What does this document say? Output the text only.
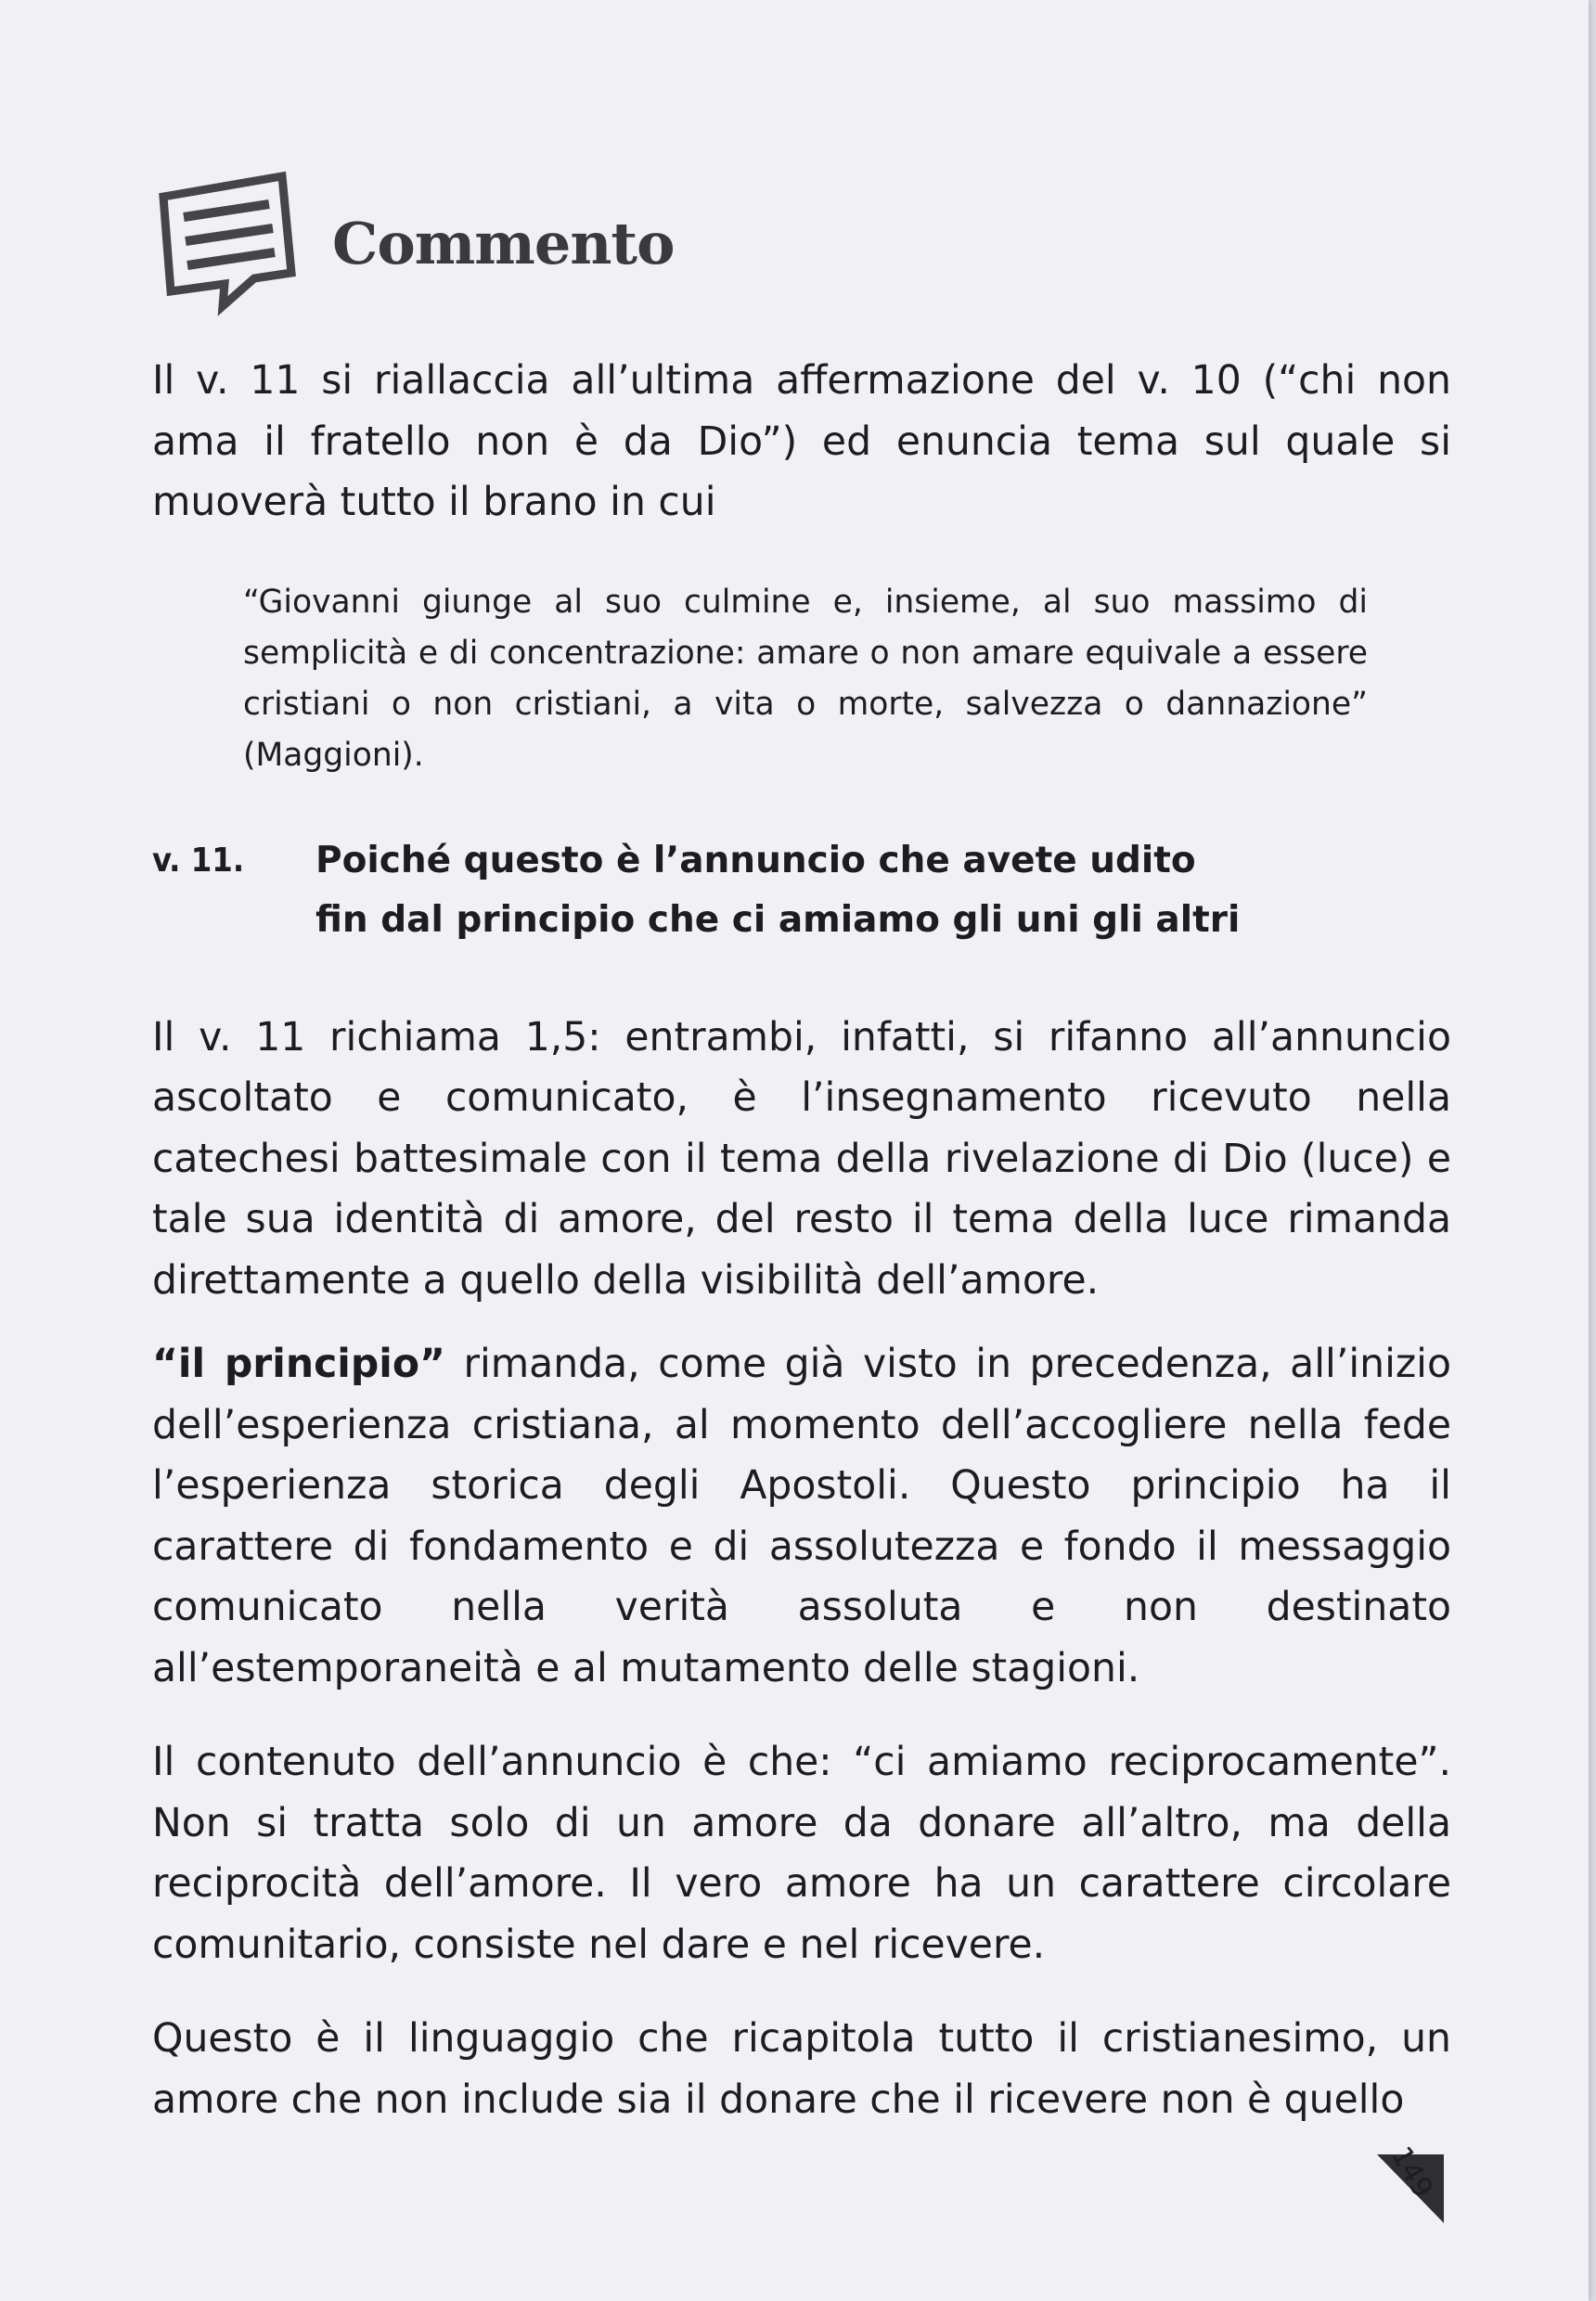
Commento

Il v. 11 si riallaccia all’ultima affermazione del v. 10 (“chi non ama il fratello non è da Dio”) ed enuncia tema sul quale si muoverà tutto il brano in cui

“Giovanni giunge al suo culmine e, insieme, al suo massimo di semplicità e di concentrazione: amare o non amare equivale a essere cristiani o non cristiani, a vita o morte, salvezza o dannazione” (Maggioni).

v. 11.	Poiché questo è l’annuncio che avete udito
fin dal principio che ci amiamo gli uni gli altri

Il v. 11 richiama 1,5: entrambi, infatti, si rifanno all’annuncio ascoltato e comunicato, è l’insegnamento ricevuto nella catechesi battesimale con il tema della rivelazione di Dio (luce) e tale sua identità di amore, del resto il tema della luce rimanda direttamente a quello della visibilità dell’amore.

“il principio” rimanda, come già visto in precedenza, all’inizio dell’esperienza cristiana, al momento dell’accogliere nella fede l’esperienza storica degli Apostoli. Questo principio ha il carattere di fondamento e di assolutezza e fondo il messaggio comunicato nella verità assoluta e non destinato all’estemporaneità e al mutamento delle stagioni.

Il contenuto dell’annuncio è che: “ci amiamo reciprocamente”. Non si tratta solo di un amore da donare all’altro, ma della reciprocità dell’amore. Il vero amore ha un carattere circolare comunitario, consiste nel dare e nel ricevere.

Questo è il linguaggio che ricapitola tutto il cristianesimo, un amore che non include sia il donare che il ricevere non è quello

149
